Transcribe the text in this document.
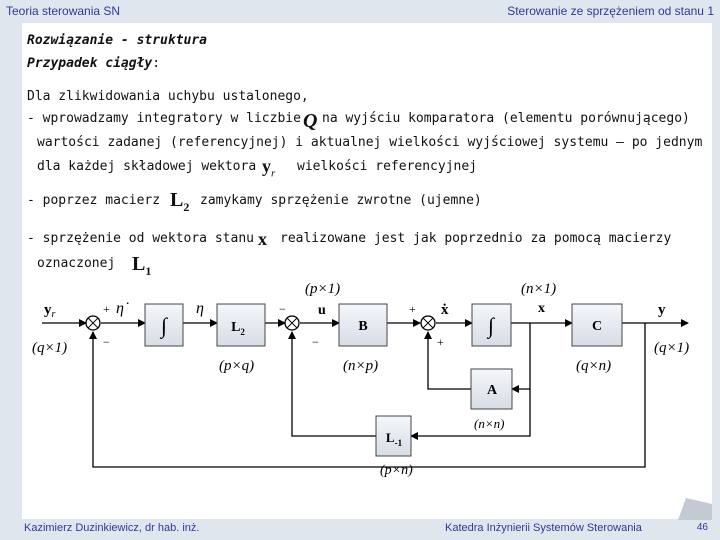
Teoria sterowania SN	Sterowanie ze sprzężeniem od stanu 1
Rozwiązanie - struktura
Przypadek ciągły:
Dla zlikwidowania uchybu ustalonego,
- wprowadzamy integratory w liczbie Q na wyjściu komparatora (elementu porównującego)
wartości zadanej (referencyjnej) i aktualnej wielkości wyjściowej systemu – po jednym
dla każdej składowej wektora $y_r$ wielkości referencyjnej
- poprzez macierz $L_2$ zamykamy sprzężenie zwrotne (ujemne)
- sprzężenie od wektora stanu x realizowane jest jak poprzednio za pomocą macierzy
oznaczonej $L_1$
∫	∫
$L_2$	B	C
A
$L_{-1}$
$y_r$	η̇	η	u	ẋ	x	y
+
−
−
−
+
+
(q×1)
(p×1)	(n×1)
(q×1)
(p×q)	(n×p)	(q×n)
(n×n)
(p×n)
Kazimierz Duzinkiewicz, dr hab. inż.	Katedra Inżynierii Systemów Sterowania	46
